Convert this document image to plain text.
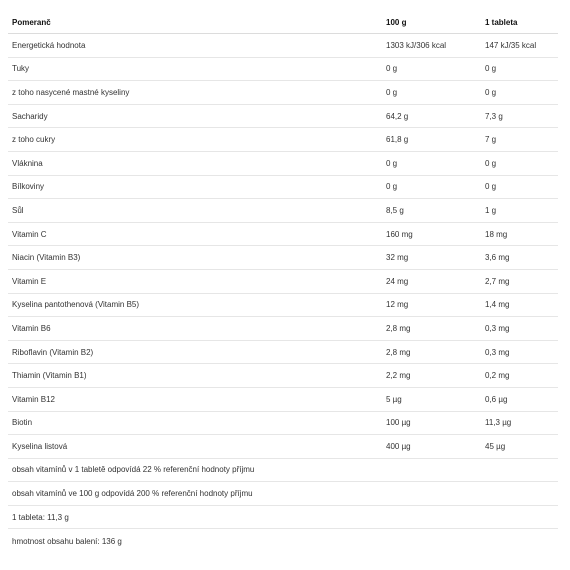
Pomeranč	100 g	1 tableta
Energetická hodnota	1303 kJ/306 kcal	147 kJ/35 kcal
Tuky	0 g	0 g
z toho nasycené mastné kyseliny	0 g	0 g
Sacharidy	64,2 g	7,3 g
z toho cukry	61,8 g	7 g
Vláknina	0 g	0 g
Bílkoviny	0 g	0 g
Sůl	8,5 g	1 g
Vitamin C	160 mg	18 mg
Niacin (Vitamin B3)	32 mg	3,6 mg
Vitamin E	24 mg	2,7 mg
Kyselina pantothenová (Vitamin B5)	12 mg	1,4 mg
Vitamin B6	2,8 mg	0,3 mg
Riboflavin (Vitamin B2)	2,8 mg	0,3 mg
Thiamin (Vitamin B1)	2,2 mg	0,2 mg
Vitamin B12	5 µg	0,6 µg
Biotin	100 µg	11,3 µg
Kyselina listová	400 µg	45 µg
obsah vitamínů v 1 tabletě odpovídá 22 % referenční hodnoty příjmu
obsah vitamínů ve 100 g odpovídá 200 % referenční hodnoty příjmu
1 tableta: 11,3 g
hmotnost obsahu balení: 136 g
